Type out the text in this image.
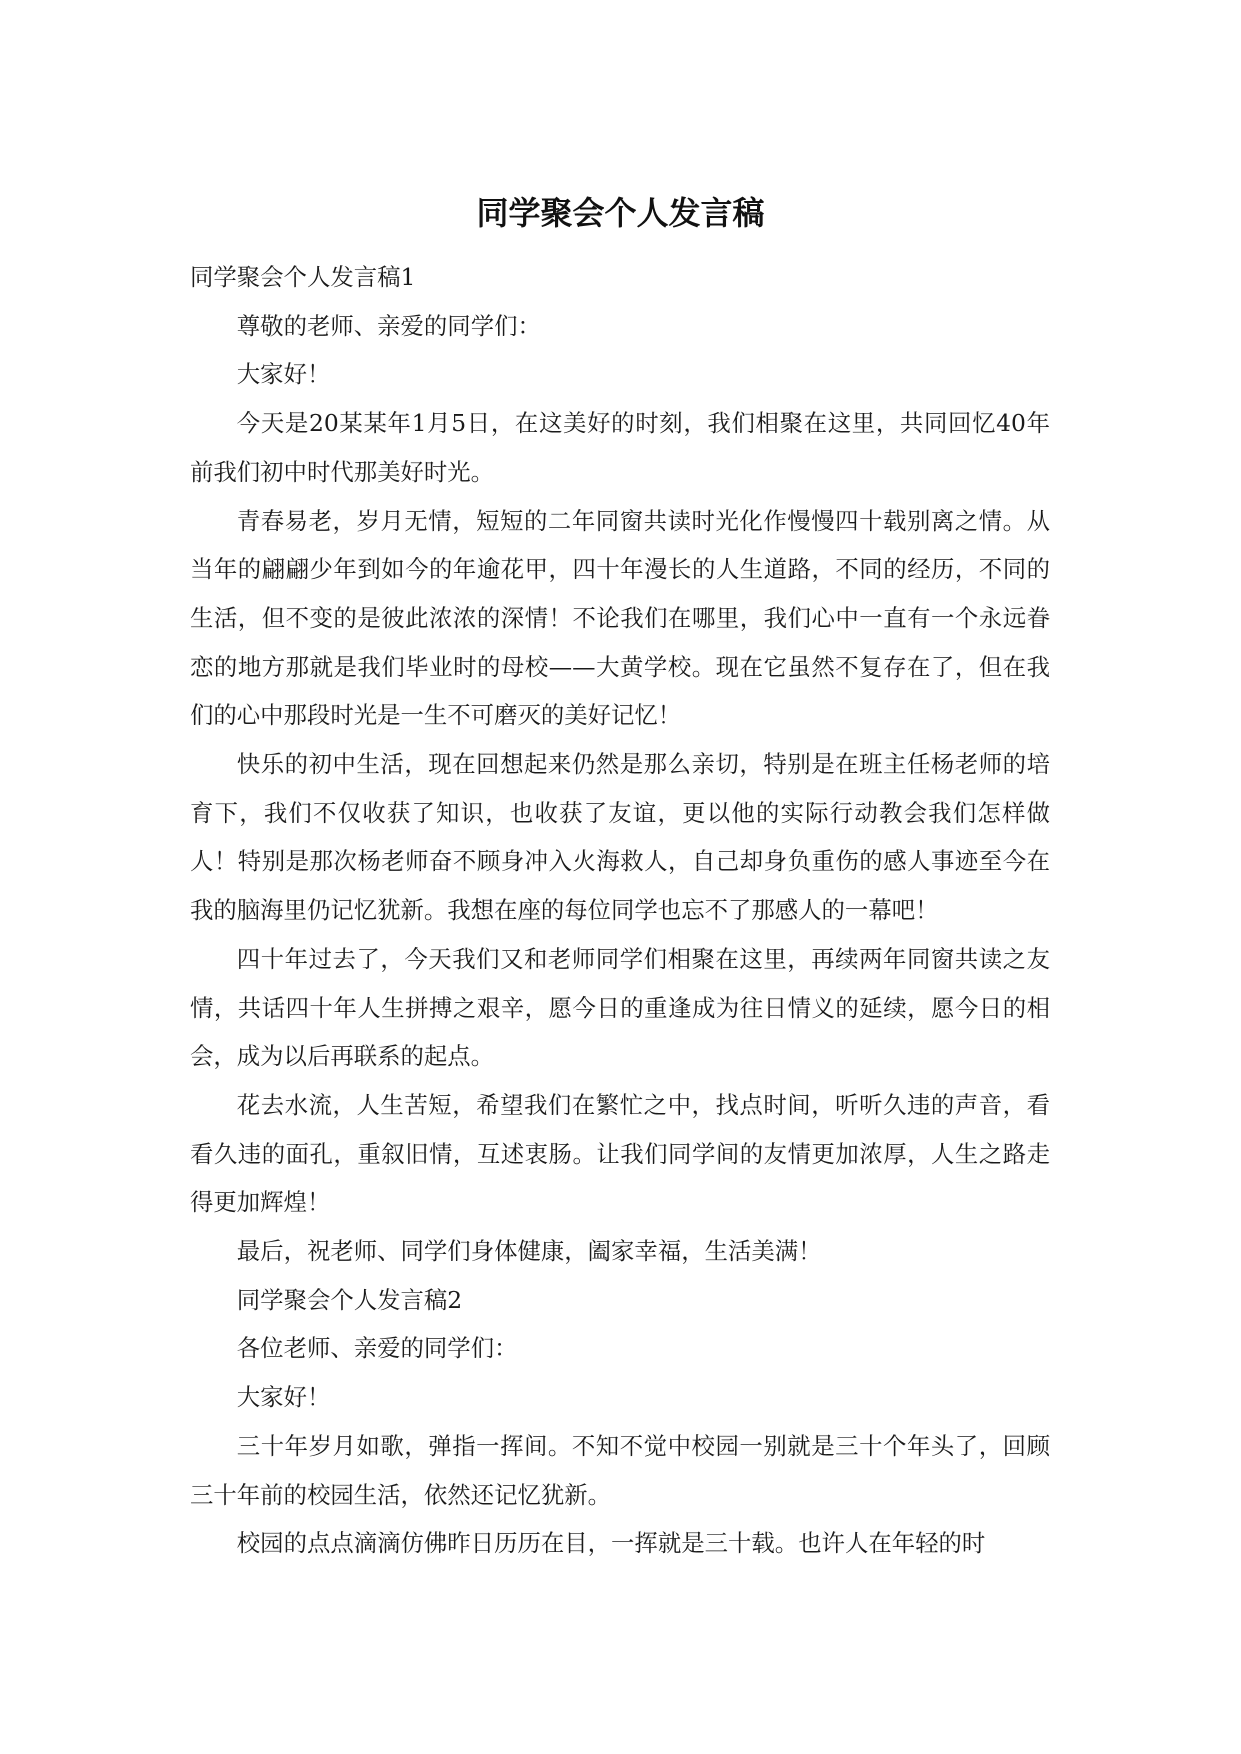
同学聚会个人发言稿

同学聚会个人发言稿1

尊敬的老师、亲爱的同学们：

大家好！

今天是20某某年1月5日，在这美好的时刻，我们相聚在这里，共同回忆40年前我们初中时代那美好时光。

青春易老，岁月无情，短短的二年同窗共读时光化作慢慢四十载别离之情。从当年的翩翩少年到如今的年逾花甲，四十年漫长的人生道路，不同的经历，不同的生活，但不变的是彼此浓浓的深情！不论我们在哪里，我们心中一直有一个永远眷恋的地方那就是我们毕业时的母校——大黄学校。现在它虽然不复存在了，但在我们的心中那段时光是一生不可磨灭的美好记忆！

快乐的初中生活，现在回想起来仍然是那么亲切，特别是在班主任杨老师的培育下，我们不仅收获了知识，也收获了友谊，更以他的实际行动教会我们怎样做人！特别是那次杨老师奋不顾身冲入火海救人，自己却身负重伤的感人事迹至今在我的脑海里仍记忆犹新。我想在座的每位同学也忘不了那感人的一幕吧！

四十年过去了，今天我们又和老师同学们相聚在这里，再续两年同窗共读之友情，共话四十年人生拼搏之艰辛，愿今日的重逢成为往日情义的延续，愿今日的相会，成为以后再联系的起点。

花去水流，人生苦短，希望我们在繁忙之中，找点时间，听听久违的声音，看看久违的面孔，重叙旧情，互述衷肠。让我们同学间的友情更加浓厚，人生之路走得更加辉煌！

最后，祝老师、同学们身体健康，阖家幸福，生活美满！

同学聚会个人发言稿2

各位老师、亲爱的同学们：

大家好！

三十年岁月如歌，弹指一挥间。不知不觉中校园一别就是三十个年头了，回顾三十年前的校园生活，依然还记忆犹新。

校园的点点滴滴仿佛昨日历历在目，一挥就是三十载。也许人在年轻的时
